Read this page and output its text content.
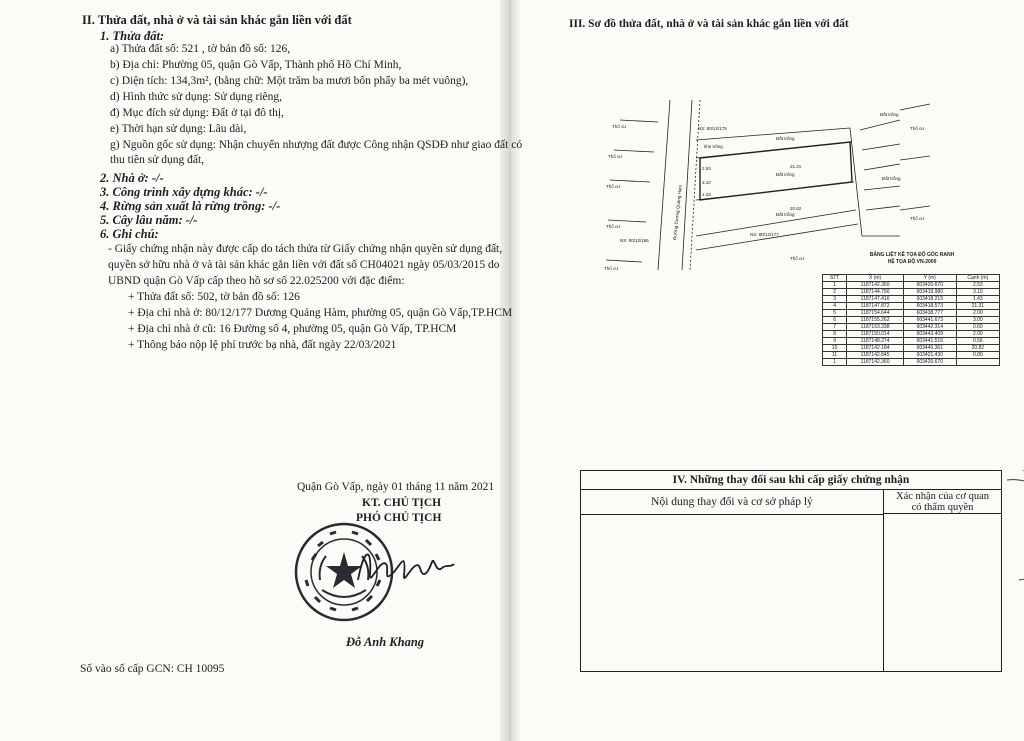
II. Thửa đất, nhà ở và tài sản khác gắn liền với đất
1. Thửa đất:
a) Thửa đất số: 521 , tờ bản đồ số: 126,
b) Địa chỉ: Phường 05, quận Gò Vấp, Thành phố Hồ Chí Minh,
c) Diện tích: 134,3m², (bằng chữ: Một trăm ba mươi bốn phẩy ba mét vuông),
d) Hình thức sử dụng: Sử dụng riêng,
đ) Mục đích sử dụng: Đất ở tại đô thị,
e) Thời hạn sử dụng: Lâu dài,
g) Nguồn gốc sử dụng: Nhận chuyển nhượng đất được Công nhận QSDĐ như giao đất có
thu tiền sử dụng đất,
2. Nhà ở: -/-
3. Công trình xây dựng khác: -/-
4. Rừng sản xuất là rừng trồng: -/-
5. Cây lâu năm: -/-
6. Ghi chú:
- Giấy chứng nhận này được cấp do tách thửa từ Giấy chứng nhận quyền sử dụng đất,
quyền sở hữu nhà ở và tài sản khác gắn liền với đất số CH04021 ngày 05/03/2015 do
UBND quận Gò Vấp cấp theo hồ sơ số 22.025200 với đặc điểm:
+ Thửa đất số: 502, tờ bản đồ số: 126
+ Địa chỉ nhà ở: 80/12/177 Dương Quảng Hàm, phường 05, quận Gò Vấp,TP.HCM
+ Địa chỉ nhà ở cũ: 16 Đường số 4, phường 05, quận Gò Vấp, TP.HCM
+ Thông báo nộp lệ phí trước bạ nhà, đất ngày 22/03/2021
Quận Gò Vấp, ngày 01 tháng 11 năm 2021
KT. CHỦ TỊCH
PHÓ CHỦ TỊCH
Đỗ Anh Khang
Số vào sổ cấp GCN: CH 10095
III. Sơ đồ thửa đất, nhà ở và tài sản khác gắn liền với đất
Thổ cư
Thổ cư
Thổ cư
Thổ cư
Thổ cư
Thổ cư
Thổ cư
Thổ cư
Đất trống
Đất trống
Đất trống
Đất trống
Đất trống
NS: 80/12/175
NS: 80/12/177
NS: 80/12/186
21.31
20.62
2.53
3.10
1.43
khe trống
Đường Dương Quảng Hàm
BẢNG LIỆT KÊ TỌA ĐỘ GÓC RANH
HỆ TỌA ĐỘ VN-2000
STT	X (m)	Y (m)	Cạnh (m)
1	1187142.360	603420.670	2.53
2	1187144.790	603419.980	3.10
3	1187147.416	603418.219	1.43
4	1187147.872	603418.573	21.31
5	1187154.644	603438.777	2.00
6	1187155.262	603441.673	3.00
7	1187153.338	603442.314	0.60
8	1187150.014	603443.409	2.00
9	1187148.274	603441.516	0.56
10	1187142.184	603440.361	20.82
11	1187142.845	603421.430	0.80
1	1187142.360	603420.670	
IV. Những thay đổi sau khi cấp giấy chứng nhận
Nội dung thay đổi và cơ sở pháp lý	Xác nhận của cơ quan
có thẩm quyền
